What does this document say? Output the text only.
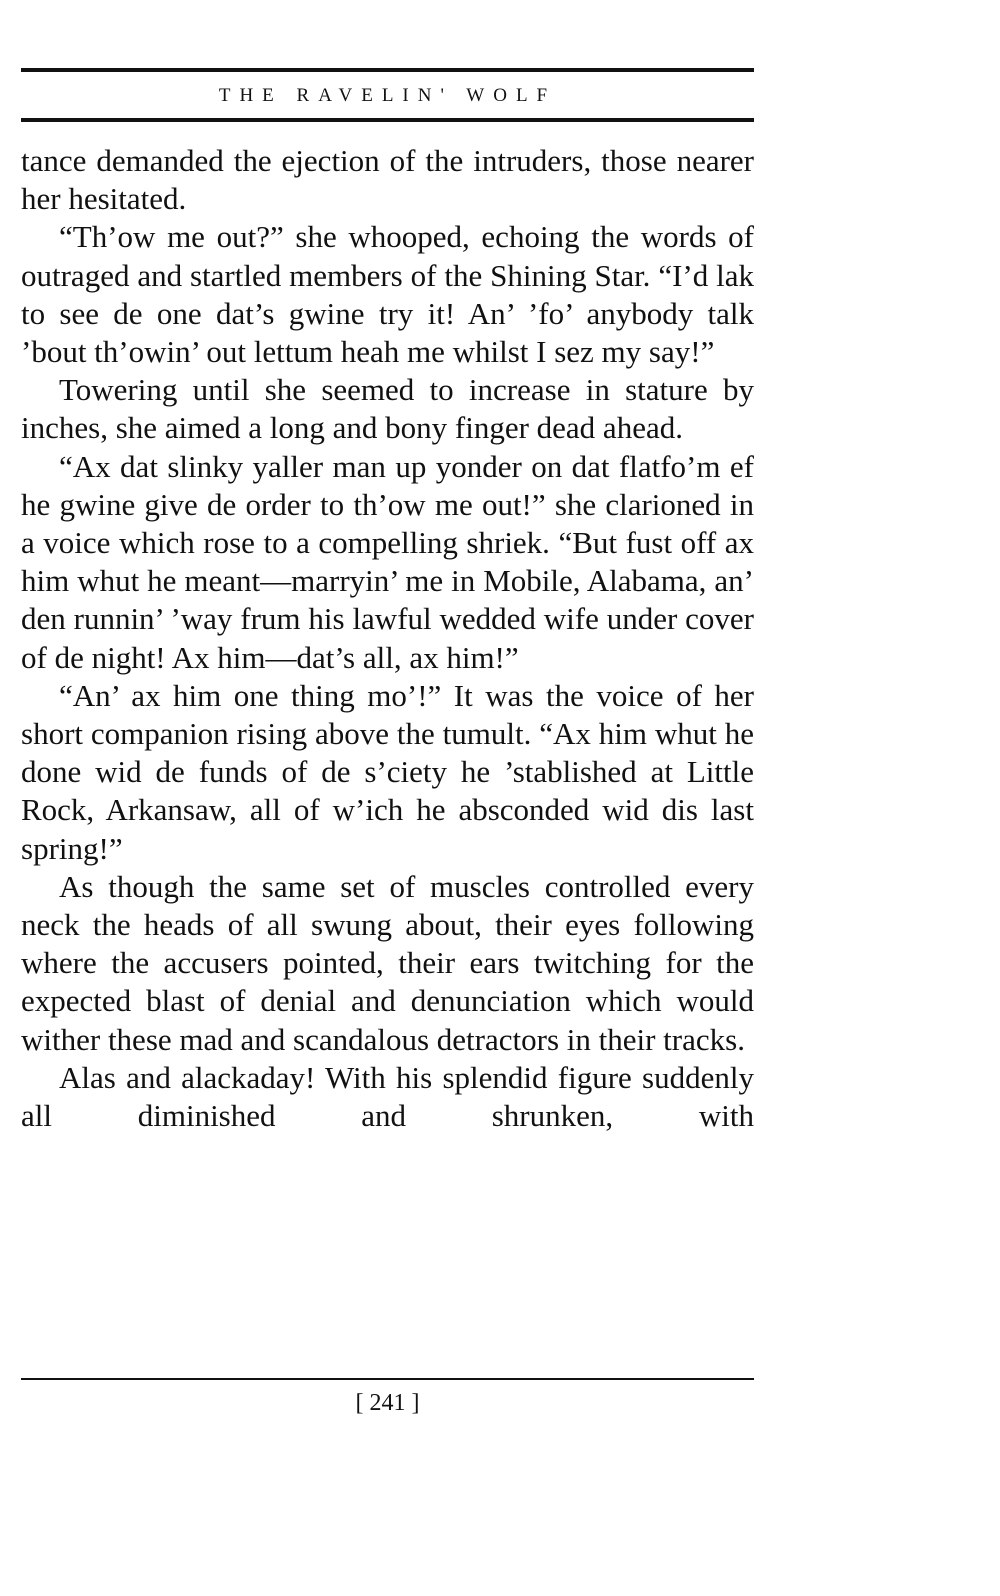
THE RAVELIN' WOLF

tance demanded the ejection of the intruders, those nearer her hesitated.

“Th’ow me out?” she whooped, echoing the words of outraged and startled members of the Shining Star. “I’d lak to see de one dat’s gwine try it! An’ ’fo’ anybody talk ’bout th’owin’ out lettum heah me whilst I sez my say!”

Towering until she seemed to increase in stature by inches, she aimed a long and bony finger dead ahead.

“Ax dat slinky yaller man up yonder on dat flatfo’m ef he gwine give de order to th’ow me out!” she clarioned in a voice which rose to a compelling shriek. “But fust off ax him whut he meant—marryin’ me in Mobile, Alabama, an’ den runnin’ ’way frum his lawful wedded wife under cover of de night! Ax him—dat’s all, ax him!”

“An’ ax him one thing mo’!” It was the voice of her short companion rising above the tumult. “Ax him whut he done wid de funds of de s’ciety he ’stablished at Little Rock, Arkansaw, all of w’ich he absconded wid dis last spring!”

As though the same set of muscles controlled every neck the heads of all swung about, their eyes following where the accusers pointed, their ears twitching for the expected blast of denial and denunciation which would wither these mad and scandalous detractors in their tracks.

Alas and alackaday! With his splendid figure suddenly all diminished and shrunken, with

[ 241 ]
